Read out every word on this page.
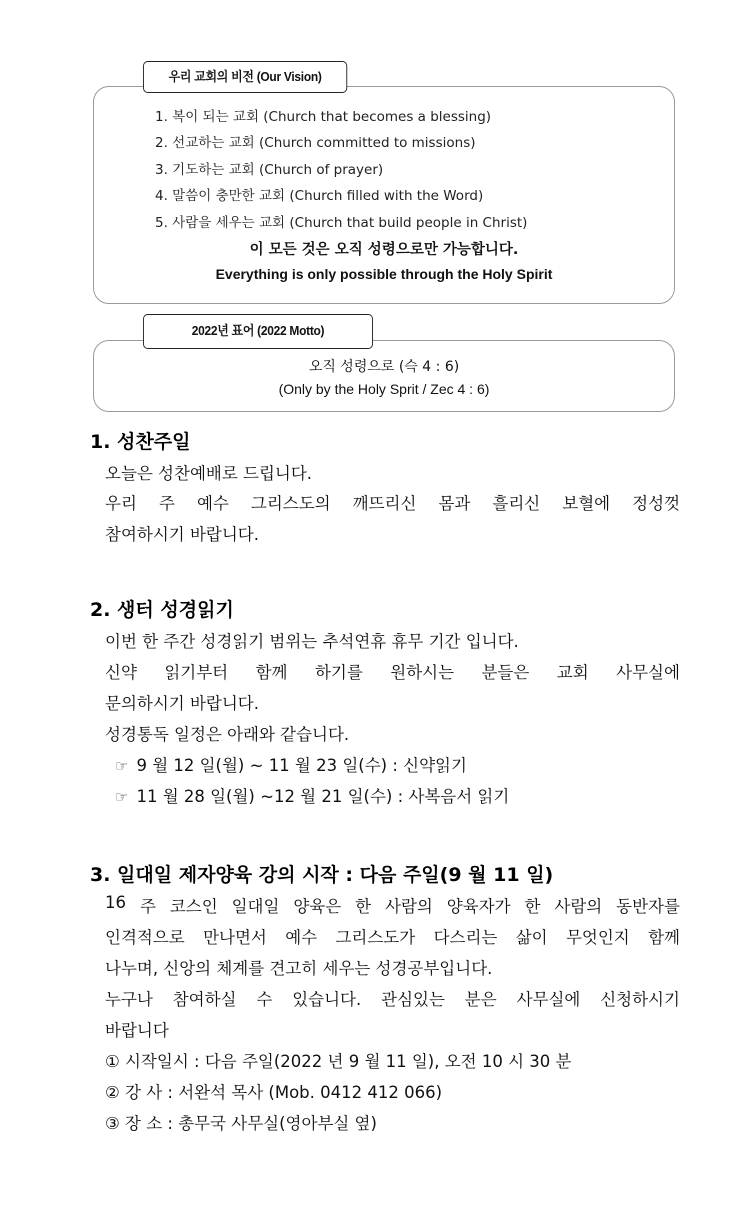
우리 교회의 비전 (Our Vision)
1. 복이 되는 교회 (Church that becomes a blessing)
2. 선교하는 교회 (Church committed to missions)
3. 기도하는 교회 (Church of prayer)
4. 말씀이 충만한 교회 (Church filled with the Word)
5. 사람을 세우는 교회 (Church that build people in Christ)
이 모든 것은 오직 성령으로만 가능합니다.
Everything is only possible through the Holy Spirit
2022년 표어 (2022 Motto)
오직 성령으로 (슥 4 : 6)
(Only by the Holy Sprit / Zec 4 : 6)
1. 성찬주일
오늘은 성찬예배로 드립니다.
우리 주 예수 그리스도의 깨뜨리신 몸과 흘리신 보혈에 정성껏
참여하시기 바랍니다.
2. 생터 성경읽기
이번 한 주간 성경읽기 범위는 추석연휴 휴무 기간 입니다.
신약 읽기부터 함께 하기를 원하시는 분들은 교회 사무실에
문의하시기 바랍니다.
성경통독 일정은 아래와 같습니다.
☞ 9 월 12 일(월) ~ 11 월 23 일(수) : 신약읽기
☞ 11 월 28 일(월) ~12 월 21 일(수) : 사복음서 읽기
3. 일대일 제자양육 강의 시작 : 다음 주일(9 월 11 일)
16 주 코스인 일대일 양육은 한 사람의 양육자가 한 사람의 동반자를
인격적으로 만나면서 예수 그리스도가 다스리는 삶이 무엇인지 함께
나누며, 신앙의 체계를 견고히 세우는 성경공부입니다.
누구나 참여하실 수 있습니다. 관심있는 분은 사무실에 신청하시기
바랍니다
① 시작일시 : 다음 주일(2022 년 9 월 11 일), 오전 10 시 30 분
② 강 사 : 서완석 목사 (Mob. 0412 412 066)
③ 장 소 : 총무국 사무실(영아부실 옆)
